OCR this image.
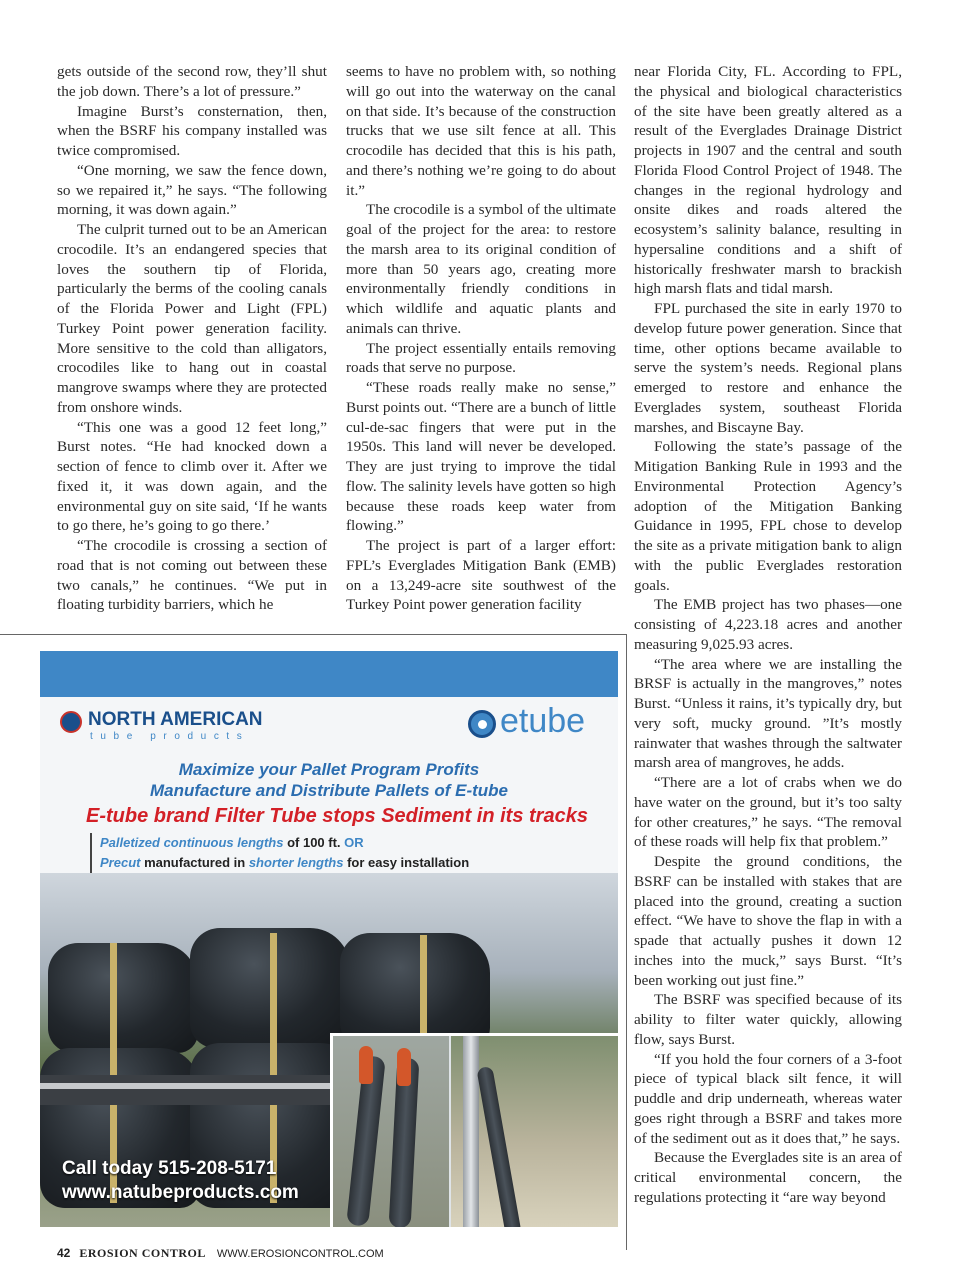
gets outside of the second row, they’ll shut the job down. There’s a lot of pressure.”

Imagine Burst’s consternation, then, when the BSRF his company installed was twice compromised.

“One morning, we saw the fence down, so we repaired it,” he says. “The following morning, it was down again.”

The culprit turned out to be an American crocodile. It’s an endangered species that loves the southern tip of Florida, particularly the berms of the cooling canals of the Florida Power and Light (FPL) Turkey Point power generation facility. More sensitive to the cold than alligators, crocodiles like to hang out in coastal mangrove swamps where they are protected from onshore winds.

“This one was a good 12 feet long,” Burst notes. “He had knocked down a section of fence to climb over it. After we fixed it, it was down again, and the environmental guy on site said, ‘If he wants to go there, he’s going to go there.’

“The crocodile is crossing a section of road that is not coming out between these two canals,” he continues. “We put in floating turbidity barriers, which he

seems to have no problem with, so nothing will go out into the waterway on the canal on that side. It’s because of the construction trucks that we use silt fence at all. This crocodile has decided that this is his path, and there’s nothing we’re going to do about it.”

The crocodile is a symbol of the ultimate goal of the project for the area: to restore the marsh area to its original condition of more than 50 years ago, creating more environmentally friendly conditions in which wildlife and aquatic plants and animals can thrive.

The project essentially entails removing roads that serve no purpose.

“These roads really make no sense,” Burst points out. “There are a bunch of little cul-de-sac fingers that were put in the 1950s. This land will never be developed. They are just trying to improve the tidal flow. The salinity levels have gotten so high because these roads keep water from flowing.”

The project is part of a larger effort: FPL’s Everglades Mitigation Bank (EMB) on a 13,249-acre site southwest of the Turkey Point power generation facility

near Florida City, FL. According to FPL, the physical and biological characteristics of the site have been greatly altered as a result of the Everglades Drainage District projects in 1907 and the central and south Florida Flood Control Project of 1948. The changes in the regional hydrology and onsite dikes and roads altered the ecosystem’s salinity balance, resulting in hypersaline conditions and a shift of historically freshwater marsh to brackish high marsh flats and tidal marsh.

FPL purchased the site in early 1970 to develop future power generation. Since that time, other options became available to serve the system’s needs. Regional plans emerged to restore and enhance the Everglades system, southeast Florida marshes, and Biscayne Bay.

Following the state’s passage of the Mitigation Banking Rule in 1993 and the Environmental Protection Agency’s adoption of the Mitigation Banking Guidance in 1995, FPL chose to develop the site as a private mitigation bank to align with the public Everglades restoration goals.

The EMB project has two phases—one consisting of 4,223.18 acres and another measuring 9,025.93 acres.

“The area where we are installing the BRSF is actually in the mangroves,” notes Burst. “Unless it rains, it’s typically dry, but very soft, mucky ground. ”It’s mostly rainwater that washes through the saltwater marsh area of mangroves, he adds.

“There are a lot of crabs when we do have water on the ground, but it’s too salty for other creatures,” he says. “The removal of these roads will help fix that problem.”

Despite the ground conditions, the BSRF can be installed with stakes that are placed into the ground, creating a suction effect. “We have to shove the flap in with a spade that actually pushes it down 12 inches into the muck,” says Burst. “It’s been working out just fine.”

The BSRF was specified because of its ability to filter water quickly, allowing flow, says Burst.

“If you hold the four corners of a 3-foot piece of typical black silt fence, it will puddle and drip underneath, whereas water goes right through a BSRF and takes more of the sediment out as it does that,” he says.

Because the Everglades site is an area of critical environmental concern, the regulations protecting it “are way beyond

NORTH AMERICAN
tube products	etube
Maximize your Pallet Program Profits
Manufacture and Distribute Pallets of E-tube
E-tube brand Filter Tube stops Sediment in its tracks
Palletized continuous lengths of 100 ft. OR
Precut manufactured in shorter lengths for easy installation
Call today 515-208-5171
www.natubeproducts.com
42 EROSION CONTROL WWW.EROSIONCONTROL.COM
